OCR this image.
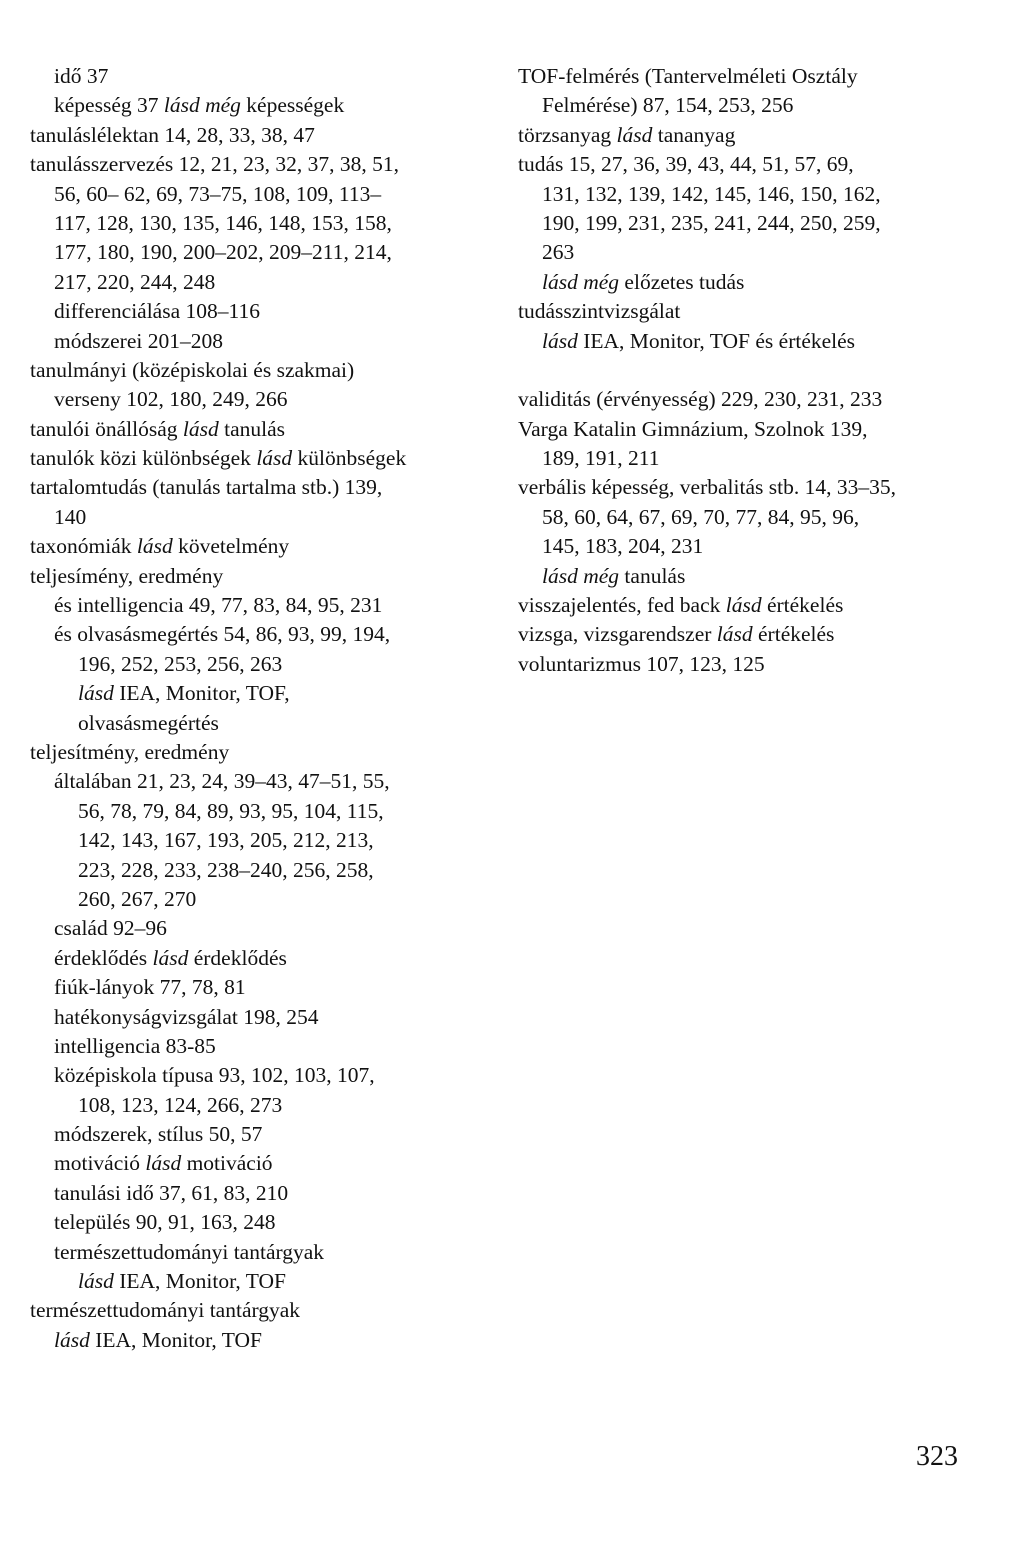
idő 37
képesség 37 lásd még képességek
tanuláslélektan 14, 28, 33, 38, 47
tanulásszervezés 12, 21, 23, 32, 37, 38, 51,
56, 60– 62, 69, 73–75, 108, 109, 113–
117, 128, 130, 135, 146, 148, 153, 158,
177, 180, 190, 200–202, 209–211, 214,
217, 220, 244, 248
differenciálása 108–116
módszerei 201–208
tanulmányi (középiskolai és szakmai)
verseny 102, 180, 249, 266
tanulói önállóság lásd tanulás
tanulók közi különbségek lásd különbségek
tartalomtudás (tanulás tartalma stb.) 139,
140
taxonómiák lásd követelmény
teljesímény, eredmény
és intelligencia 49, 77, 83, 84, 95, 231
és olvasásmegértés 54, 86, 93, 99, 194,
196, 252, 253, 256, 263
lásd IEA, Monitor, TOF,
olvasásmegértés
teljesítmény, eredmény
általában 21, 23, 24, 39–43, 47–51, 55,
56, 78, 79, 84, 89, 93, 95, 104, 115,
142, 143, 167, 193, 205, 212, 213,
223, 228, 233, 238–240, 256, 258,
260, 267, 270
család 92–96
érdeklődés lásd érdeklődés
fiúk-lányok 77, 78, 81
hatékonyságvizsgálat 198, 254
intelligencia 83-85
középiskola típusa 93, 102, 103, 107,
108, 123, 124, 266, 273
módszerek, stílus 50, 57
motiváció lásd motiváció
tanulási idő 37, 61, 83, 210
település 90, 91, 163, 248
természettudományi tantárgyak
lásd IEA, Monitor, TOF
természettudományi tantárgyak
lásd IEA, Monitor, TOF
TOF-felmérés (Tantervelméleti Osztály
Felmérése) 87, 154, 253, 256
törzsanyag lásd tananyag
tudás 15, 27, 36, 39, 43, 44, 51, 57, 69,
131, 132, 139, 142, 145, 146, 150, 162,
190, 199, 231, 235, 241, 244, 250, 259,
263
lásd még előzetes tudás
tudásszintvizsgálat
lásd IEA, Monitor, TOF és értékelés
validitás (érvényesség) 229, 230, 231, 233
Varga Katalin Gimnázium, Szolnok 139,
189, 191, 211
verbális képesség, verbalitás stb. 14, 33–35,
58, 60, 64, 67, 69, 70, 77, 84, 95, 96,
145, 183, 204, 231
lásd még tanulás
visszajelentés, fed back lásd értékelés
vizsga, vizsgarendszer lásd értékelés
voluntarizmus 107, 123, 125
323
